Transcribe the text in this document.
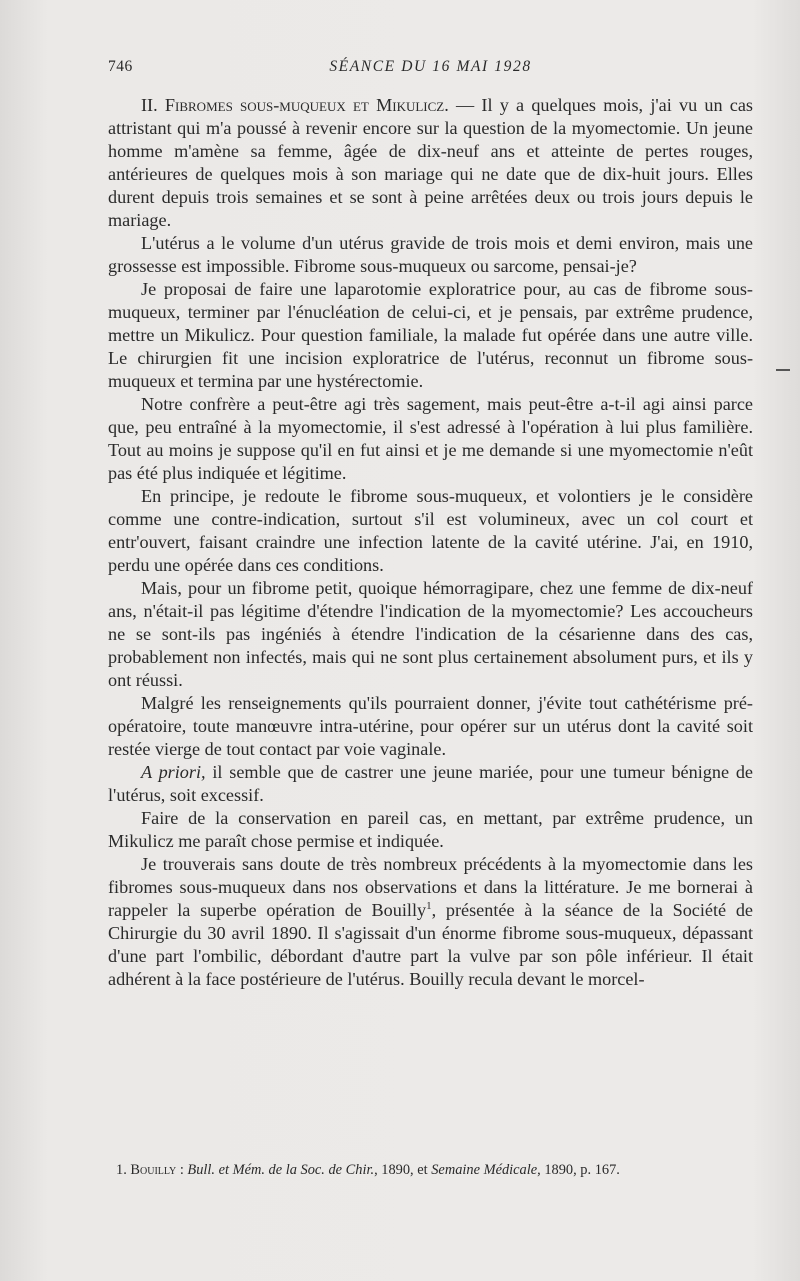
746	SÉANCE DU 16 MAI 1928

II. Fibromes sous-muqueux et Mikulicz. — Il y a quelques mois, j'ai vu un cas attristant qui m'a poussé à revenir encore sur la question de la myomectomie. Un jeune homme m'amène sa femme, âgée de dix-neuf ans et atteinte de pertes rouges, antérieures de quelques mois à son mariage qui ne date que de dix-huit jours. Elles durent depuis trois semaines et se sont à peine arrêtées deux ou trois jours depuis le mariage.

L'utérus a le volume d'un utérus gravide de trois mois et demi environ, mais une grossesse est impossible. Fibrome sous-muqueux ou sarcome, pensai-je?

Je proposai de faire une laparotomie exploratrice pour, au cas de fibrome sous-muqueux, terminer par l'énucléation de celui-ci, et je pensais, par extrême prudence, mettre un Mikulicz. Pour question familiale, la malade fut opérée dans une autre ville. Le chirurgien fit une incision exploratrice de l'utérus, reconnut un fibrome sous-muqueux et termina par une hystérectomie.

Notre confrère a peut-être agi très sagement, mais peut-être a-t-il agi ainsi parce que, peu entraîné à la myomectomie, il s'est adressé à l'opération à lui plus familière. Tout au moins je suppose qu'il en fut ainsi et je me demande si une myomectomie n'eût pas été plus indiquée et légitime.

En principe, je redoute le fibrome sous-muqueux, et volontiers je le considère comme une contre-indication, surtout s'il est volumineux, avec un col court et entr'ouvert, faisant craindre une infection latente de la cavité utérine. J'ai, en 1910, perdu une opérée dans ces conditions.

Mais, pour un fibrome petit, quoique hémorragipare, chez une femme de dix-neuf ans, n'était-il pas légitime d'étendre l'indication de la myomectomie? Les accoucheurs ne se sont-ils pas ingéniés à étendre l'indication de la césarienne dans des cas, probablement non infectés, mais qui ne sont plus certainement absolument purs, et ils y ont réussi.

Malgré les renseignements qu'ils pourraient donner, j'évite tout cathétérisme pré-opératoire, toute manœuvre intra-utérine, pour opérer sur un utérus dont la cavité soit restée vierge de tout contact par voie vaginale.

A priori, il semble que de castrer une jeune mariée, pour une tumeur bénigne de l'utérus, soit excessif.

Faire de la conservation en pareil cas, en mettant, par extrême prudence, un Mikulicz me paraît chose permise et indiquée.

Je trouverais sans doute de très nombreux précédents à la myomectomie dans les fibromes sous-muqueux dans nos observations et dans la littérature. Je me bornerai à rappeler la superbe opération de Bouilly$^1$, présentée à la séance de la Société de Chirurgie du 30 avril 1890. Il s'agissait d'un énorme fibrome sous-muqueux, dépassant d'une part l'ombilic, débordant d'autre part la vulve par son pôle inférieur. Il était adhérent à la face postérieure de l'utérus. Bouilly recula devant le morcel-

1. Bouilly : Bull. et Mém. de la Soc. de Chir., 1890, et Semaine Médicale, 1890, p. 167.
